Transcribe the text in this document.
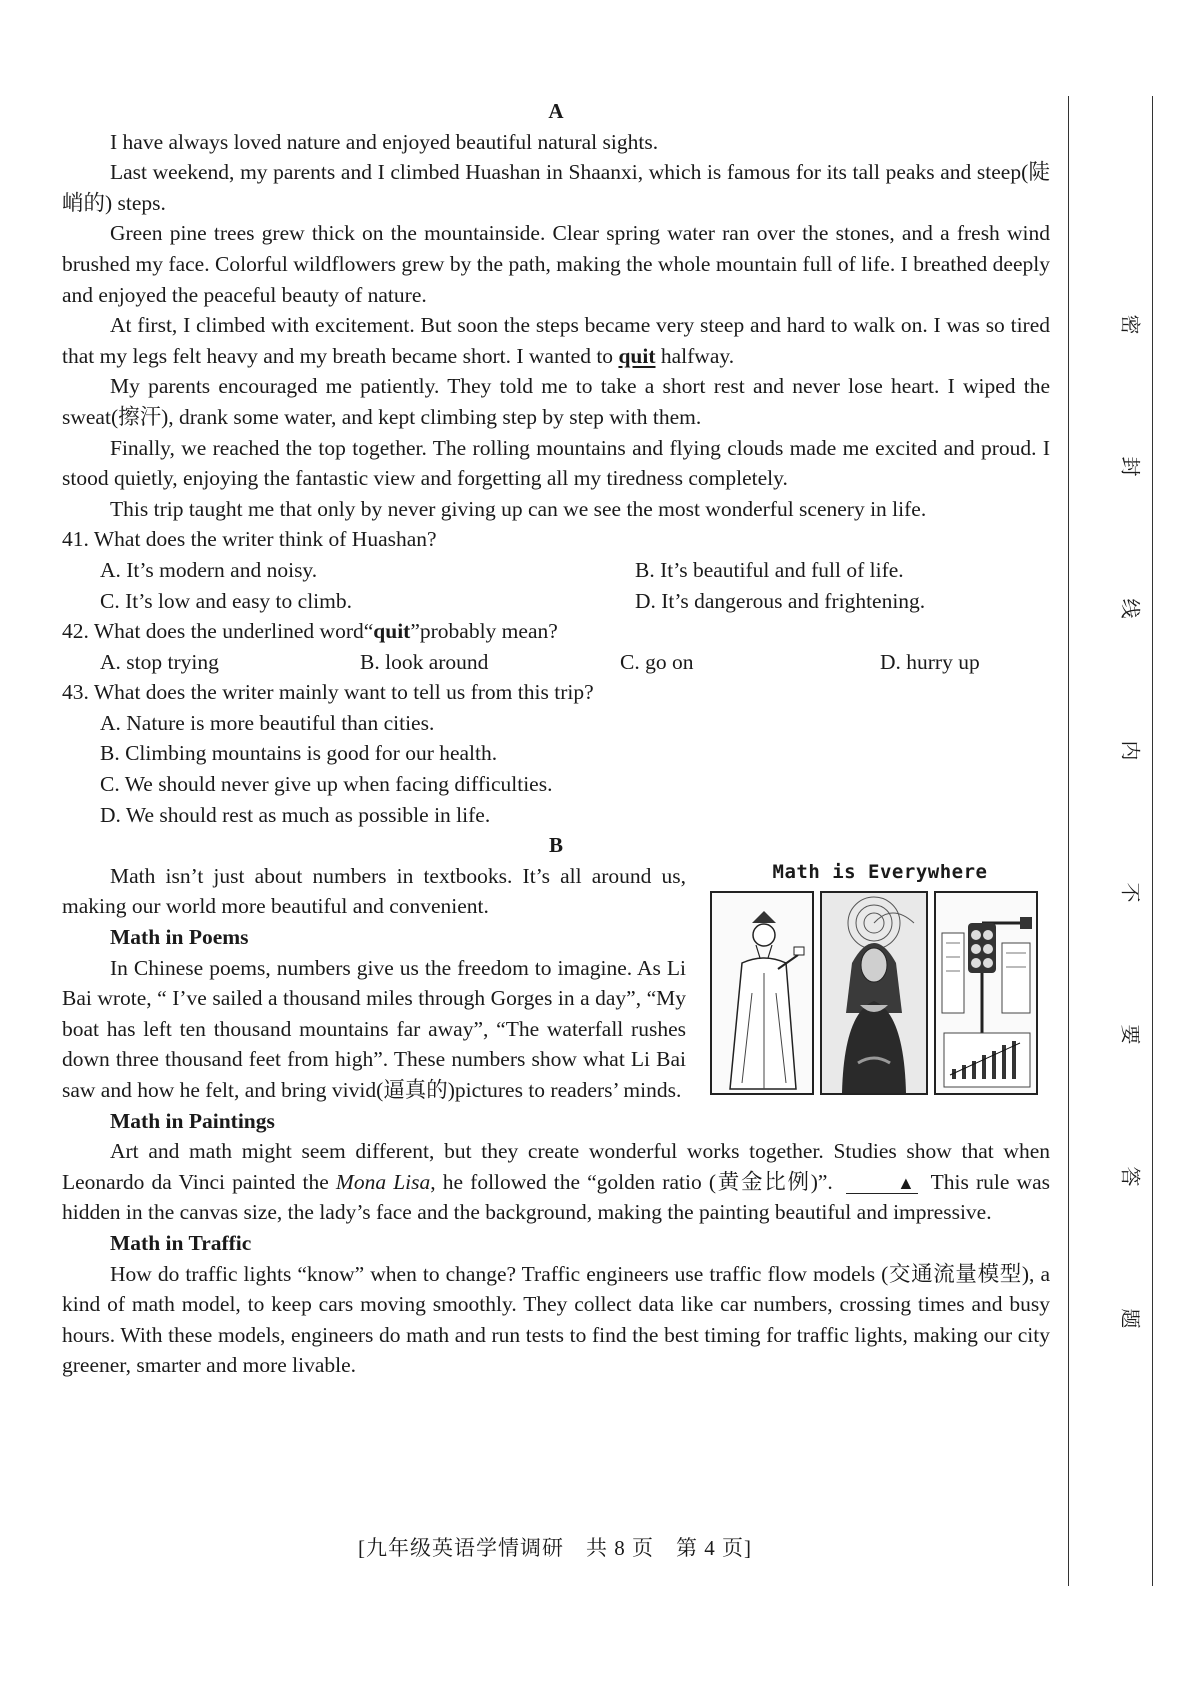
A

I have always loved nature and enjoyed beautiful natural sights.

Last weekend, my parents and I climbed Huashan in Shaanxi, which is famous for its tall peaks and steep(陡峭的) steps.

Green pine trees grew thick on the mountainside. Clear spring water ran over the stones, and a fresh wind brushed my face. Colorful wildflowers grew by the path, making the whole mountain full of life. I breathed deeply and enjoyed the peaceful beauty of nature.

At first, I climbed with excitement. But soon the steps became very steep and hard to walk on. I was so tired that my legs felt heavy and my breath became short. I wanted to quit halfway.

My parents encouraged me patiently. They told me to take a short rest and never lose heart. I wiped the sweat(擦汗), drank some water, and kept climbing step by step with them.

Finally, we reached the top together. The rolling mountains and flying clouds made me excited and proud. I stood quietly, enjoying the fantastic view and forgetting all my tiredness completely.

This trip taught me that only by never giving up can we see the most wonderful scenery in life.

41. What does the writer think of Huashan?

A. It’s modern and noisy.	B. It’s beautiful and full of life.
C. It’s low and easy to climb.	D. It’s dangerous and frightening.

42. What does the underlined word“quit”probably mean?

A. stop trying	B. look around	C. go on	D. hurry up

43. What does the writer mainly want to tell us from this trip?

A. Nature is more beautiful than cities.

B. Climbing mountains is good for our health.

C. We should never give up when facing difficulties.

D. We should rest as much as possible in life.

B
Math is Everywhere

Math isn’t just about numbers in textbooks. It’s all around us, making our world more beautiful and convenient.

Math in Poems

In Chinese poems, numbers give us the freedom to imagine. As Li Bai wrote, “ I’ve sailed a thousand miles through Gorges in a day”, “My boat has left ten thousand mountains far away”, “The waterfall rushes down three thousand feet from high”. These numbers show what Li Bai saw and how he felt, and bring vivid(逼真的)pictures to readers’ minds.

Math in Paintings

Art and math might seem different, but they create wonderful works together. Studies show that when Leonardo da Vinci painted the Mona Lisa, he followed the “golden ratio (黄金比例)”.	▲ This rule was hidden in the canvas size, the lady’s face and the background, making the painting beautiful and impressive.

Math in Traffic

How do traffic lights “know” when to change? Traffic engineers use traffic flow models (交通流量模型), a kind of math model, to keep cars moving smoothly. They collect data like car numbers, crossing times and busy hours. With these models, engineers do math and run tests to find the best timing for traffic lights, making our city greener, smarter and more livable.

[九年级英语学情调研　共 8 页　第 4 页]
密
封
线
内
不
要
答
题
